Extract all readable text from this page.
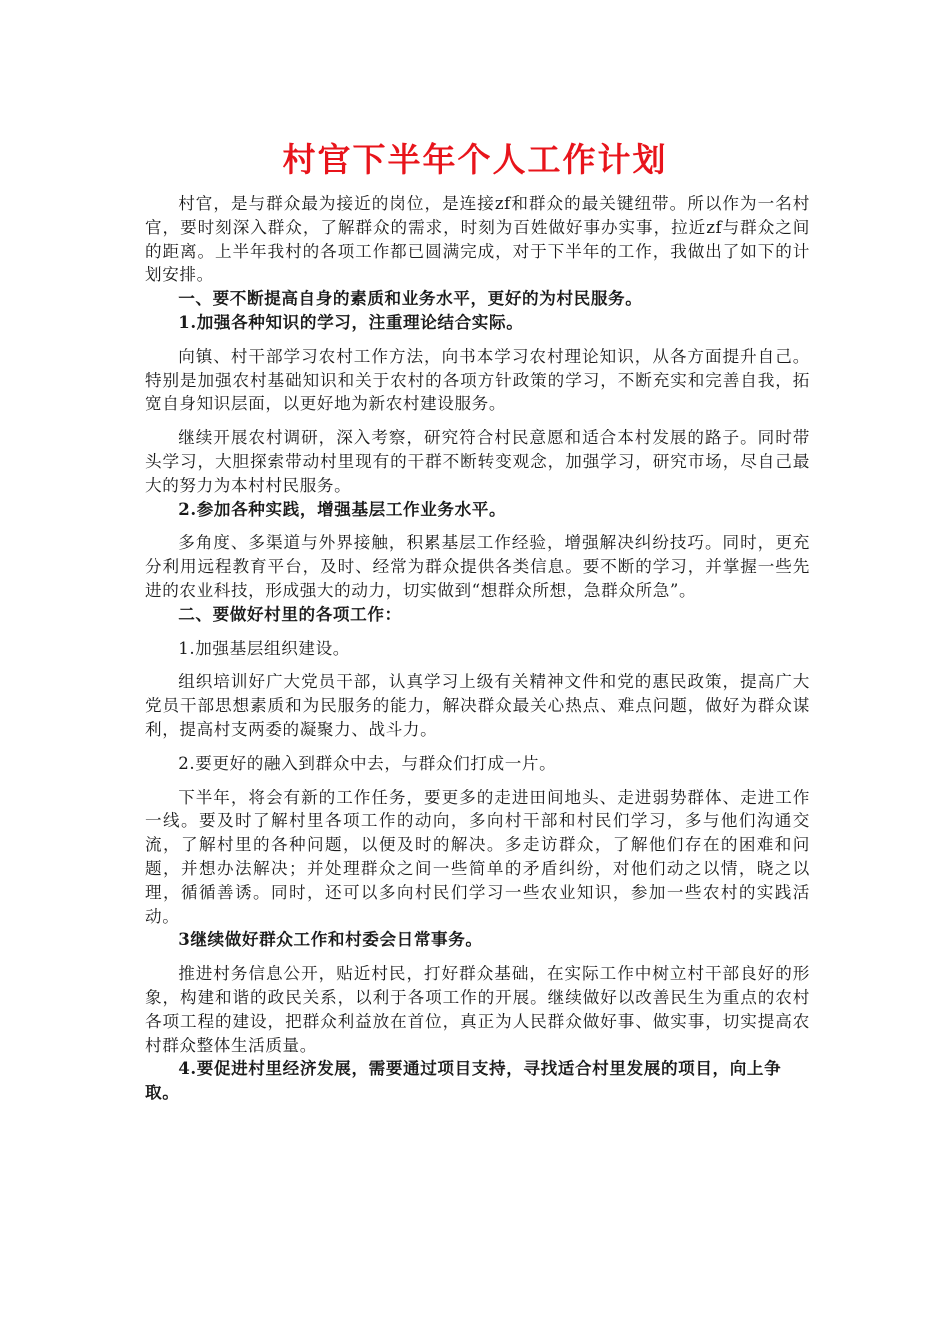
村官下半年个人工作计划

村官，是与群众最为接近的岗位，是连接zf和群众的最关键纽带。所以作为一名村官，要时刻深入群众，了解群众的需求，时刻为百姓做好事办实事，拉近zf与群众之间的距离。上半年我村的各项工作都已圆满完成，对于下半年的工作，我做出了如下的计划安排。

一、要不断提高自身的素质和业务水平，更好的为村民服务。

1.加强各种知识的学习，注重理论结合实际。

向镇、村干部学习农村工作方法，向书本学习农村理论知识，从各方面提升自己。特别是加强农村基础知识和关于农村的各项方针政策的学习，不断充实和完善自我，拓宽自身知识层面，以更好地为新农村建设服务。

继续开展农村调研，深入考察，研究符合村民意愿和适合本村发展的路子。同时带头学习，大胆探索带动村里现有的干群不断转变观念，加强学习，研究市场，尽自己最大的努力为本村村民服务。

2.参加各种实践，增强基层工作业务水平。

多角度、多渠道与外界接触，积累基层工作经验，增强解决纠纷技巧。同时，更充分利用远程教育平台，及时、经常为群众提供各类信息。要不断的学习，并掌握一些先进的农业科技，形成强大的动力，切实做到“想群众所想，急群众所急”。

二、要做好村里的各项工作：

1.加强基层组织建设。

组织培训好广大党员干部，认真学习上级有关精神文件和党的惠民政策，提高广大党员干部思想素质和为民服务的能力，解决群众最关心热点、难点问题，做好为群众谋利，提高村支两委的凝聚力、战斗力。

2.要更好的融入到群众中去，与群众们打成一片。

下半年，将会有新的工作任务，要更多的走进田间地头、走进弱势群体、走进工作一线。要及时了解村里各项工作的动向，多向村干部和村民们学习，多与他们沟通交流，了解村里的各种问题，以便及时的解决。多走访群众，了解他们存在的困难和问题，并想办法解决；并处理群众之间一些简单的矛盾纠纷，对他们动之以情，晓之以理，循循善诱。同时，还可以多向村民们学习一些农业知识，参加一些农村的实践活动。

3继续做好群众工作和村委会日常事务。

推进村务信息公开，贴近村民，打好群众基础，在实际工作中树立村干部良好的形象，构建和谐的政民关系，以利于各项工作的开展。继续做好以改善民生为重点的农村各项工程的建设，把群众利益放在首位，真正为人民群众做好事、做实事，切实提高农村群众整体生活质量。

4.要促进村里经济发展，需要通过项目支持，寻找适合村里发展的项目，向上争取。
